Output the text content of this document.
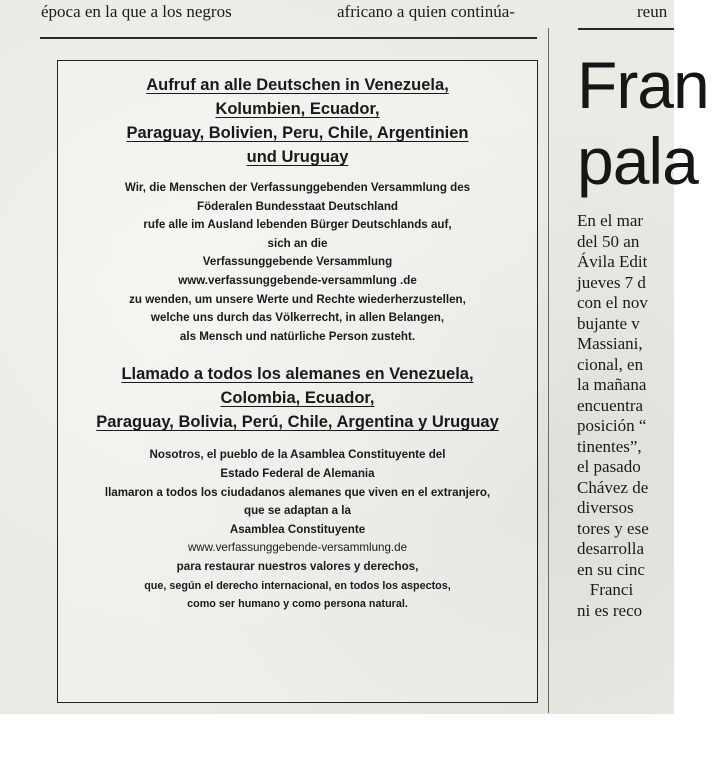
época en la que a los negros	africano a quien continúa-	reun

Aufruf an alle Deutschen in Venezuela,

Kolumbien, Ecuador,

Paraguay, Bolivien, Peru, Chile, Argentinien

und Uruguay

Wir, die Menschen der Verfassunggebenden Versammlung des

Föderalen Bundesstaat Deutschland

rufe alle im Ausland lebenden Bürger Deutschlands auf,

sich an die

Verfassunggebende Versammlung

www.verfassunggebende-versammlung .de

zu wenden, um unsere Werte und Rechte wiederherzustellen,

welche uns durch das Völkerrecht, in allen Belangen,

als Mensch und natürliche Person zusteht.

Llamado a todos los alemanes en Venezuela,

Colombia, Ecuador,

Paraguay, Bolivia, Perú, Chile, Argentina y Uruguay

Nosotros, el pueblo de la Asamblea Constituyente del

Estado Federal de Alemania

llamaron a todos los ciudadanos alemanes que viven en el extranjero,

que se adaptan a la

Asamblea Constituyente

www.verfassunggebende-versammlung.de

para restaurar nuestros valores y derechos,

que, según el derecho internacional, en todos los aspectos,

como ser humano y como persona natural.

Fran
pala
En el mar
del 50 an
Ávila Edit
jueves 7 d
con el nov
bujante v
Massiani,
cional, en
la mañana
encuentra
posición “
tinentes”,
el pasado
Chávez de
diversos
tores y ese
desarrolla
en su cinc
Franci
ni es reco
